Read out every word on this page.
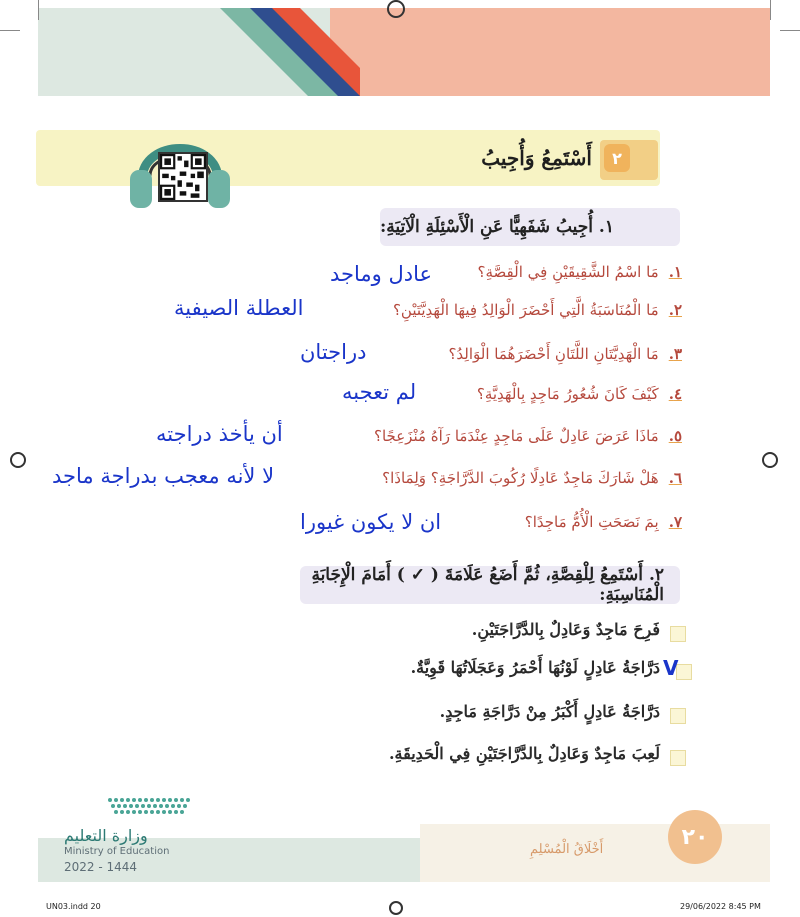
٢
أَسْتَمِعُ وَأُجِيبُ
١. أُجِيبُ شَفَهِيًّا عَنِ الْأَسْئِلَةِ الْآتِيَةِ:
١.مَا اسْمُ الشَّقِيقَيْنِ فِي الْقِصَّةِ؟
عادل وماجد
٢.مَا الْمُنَاسَبَةُ الَّتِي أَحْضَرَ الْوَالِدُ فِيهَا الْهَدِيَّتَيْنِ؟
العطلة الصيفية
٣.مَا الْهَدِيَّتَانِ اللَّتَانِ أَحْضَرَهُمَا الْوَالِدُ؟
دراجتان
٤.كَيْفَ كَانَ شُعُورُ مَاجِدٍ بِالْهَدِيَّةِ؟
لم تعجبه
٥.مَاذَا عَرَضَ عَادِلٌ عَلَى مَاجِدٍ عِنْدَمَا رَآهُ مُنْزَعِجًا؟
أن يأخذ دراجته
٦.هَلْ شَارَكَ مَاجِدٌ عَادِلًا رُكُوبَ الدَّرَّاجَةِ؟ وَلِمَاذَا؟
لا لأنه معجب بدراجة ماجد
٧.بِمَ نَصَحَتِ الْأُمُّ مَاجِدًا؟
ان لا يكون غيورا
٢. أَسْتَمِعُ لِلْقِصَّةِ، ثُمَّ أَضَعُ عَلَامَةَ ( ✓ ) أَمَامَ الْإِجَابَةِ الْمُنَاسِبَةِ:
فَرِحَ مَاجِدٌ وَعَادِلٌ بِالدَّرَّاجَتَيْنِ.
V
دَرَّاجَةُ عَادِلٍ لَوْنُهَا أَحْمَرُ وَعَجَلَاتُهَا قَوِيَّةٌ.
دَرَّاجَةُ عَادِلٍ أَكْبَرُ مِنْ دَرَّاجَةِ مَاجِدٍ.
لَعِبَ مَاجِدٌ وَعَادِلٌ بِالدَّرَّاجَتَيْنِ فِي الْحَدِيقَةِ.
٢٠
أَخْلَاقُ الْمُسْلِمِ
وزارة التعليم
Ministry of Education
2022 - 1444
UN03.indd 20	29/06/2022 8:45 PM
